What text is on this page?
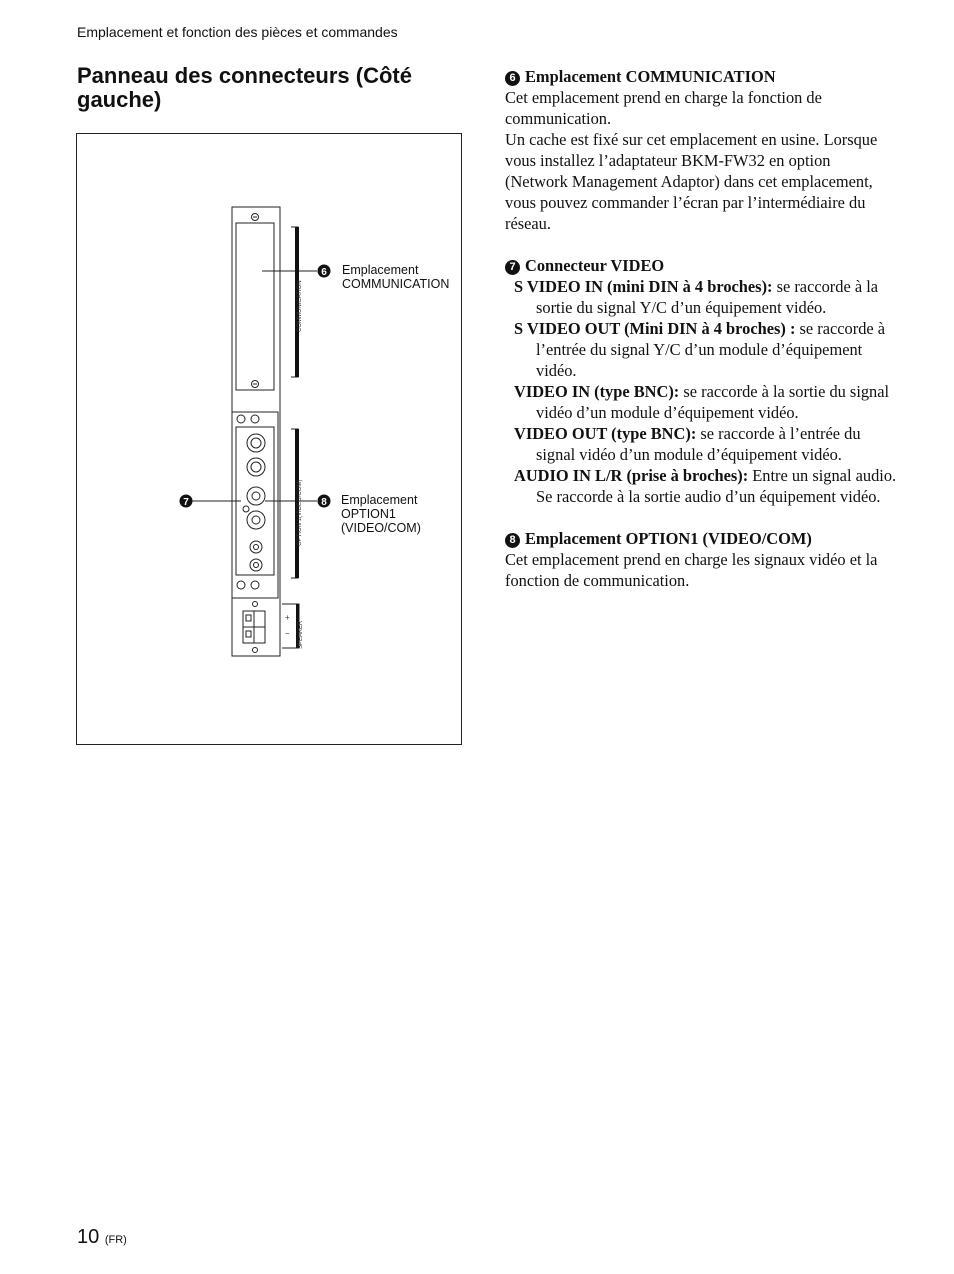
Emplacement et fonction des pièces et commandes
Panneau des connecteurs (Côté gauche)
6
7	8
COMMUNICATION
OPTION 1(VIDEO/COM)
SPEAKER
+
−
Emplacement
COMMUNICATION
Emplacement
OPTION1
(VIDEO/COM)

6 Emplacement COMMUNICATION

Cet emplacement prend en charge la fonction de communication.

Un cache est fixé sur cet emplacement en usine. Lorsque vous installez l’adaptateur BKM-FW32 en option (Network Management Adaptor) dans cet emplacement, vous pouvez commander l’écran par l’intermédiaire du réseau.

7 Connecteur VIDEO

S VIDEO IN (mini DIN à 4 broches): se raccorde à la sortie du signal Y/C d’un équipement vidéo.

S VIDEO OUT (Mini DIN à 4 broches) : se raccorde à l’entrée du signal Y/C d’un module d’équipement vidéo.

VIDEO IN (type BNC): se raccorde à la sortie du signal vidéo d’un module d’équipement vidéo.

VIDEO OUT (type BNC): se raccorde à l’entrée du signal vidéo d’un module d’équipement vidéo.

AUDIO IN L/R (prise à broches): Entre un signal audio. Se raccorde à la sortie audio d’un équipement vidéo.

8 Emplacement OPTION1 (VIDEO/COM)

Cet emplacement prend en charge les signaux vidéo et la fonction de communication.

10 (FR)
